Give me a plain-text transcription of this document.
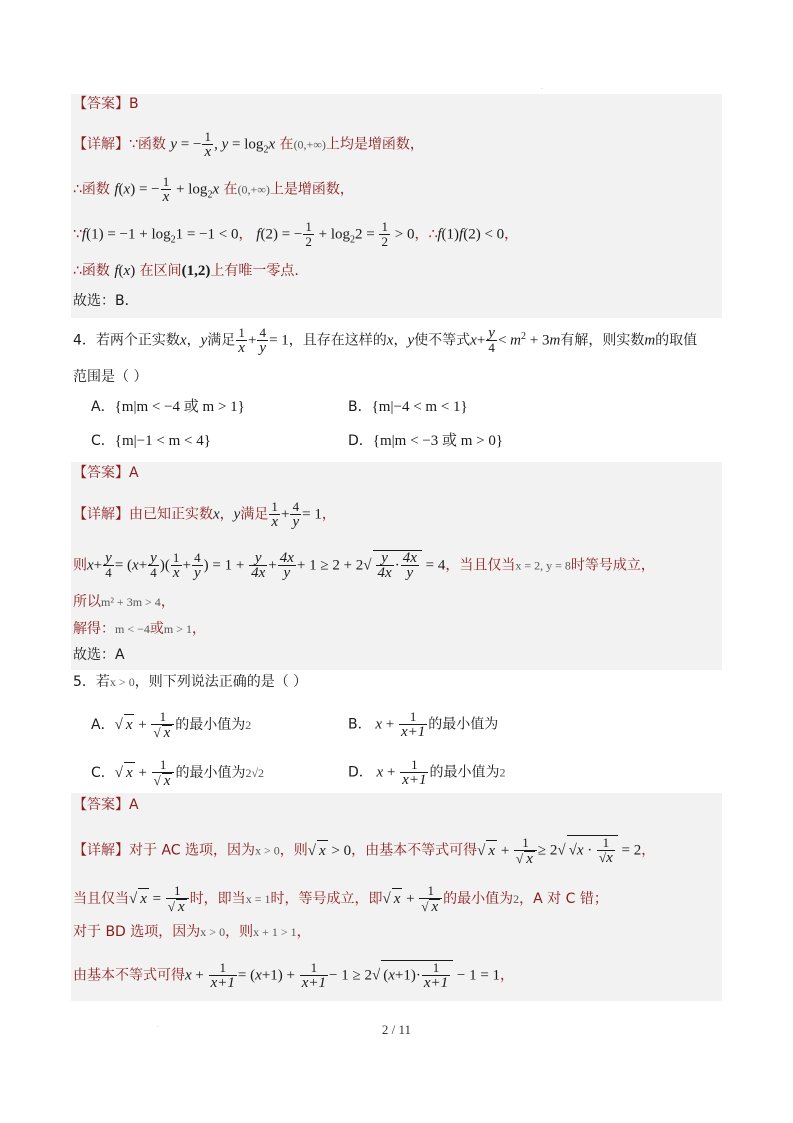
【答案】B
【详解】∵函数 y = − $\frac{1}{x}$ , $y = \log_2x$ 在(0,+∞)上均是增函数，
∴函数 f(x) = − $\frac{1}{x} + \log_2x$ 在(0,+∞)上是增函数，
∵f(1) = $-1 + \log_21 = -1 < 0$， f(2) = − $\frac{1}{2} + \log_22 = \frac{1}{2} > 0$，∴f(1)f(2) < 0，
∴函数 f(x) 在区间(1,2)上有唯一零点.
故选：B．
4．若两个正实数x，y满足 $\frac{1}{x} + \frac{4}{y} = 1$，且存在这样的x，y使不等式$x+ \frac{y}{4} < m^2 + 3m$有解，则实数m的取值
范围是（ ）
A．{m|m < −4 或 m > 1}	B．{m|−4 < m < 1}
C．{m|−1 < m < 4}	D．{m|m < −3 或 m > 0}
【答案】A
【详解】由已知正实数x，y满足 $\frac{1}{x} + \frac{4}{y} = 1$，
则$x+ \frac{y}{4} = (x+ \frac{y}{4}$ )( $\frac{1}{x} + \frac{4}{y}$ ) = $1 + \frac{y}{4x} + \frac{4x}{y} + 1 \ge 2 + 2√ \frac{y}{4x} \cdot \frac{4x}{y} = 4$，当且仅当x = 2, y = 8时等号成立，
所以m² + 3m > 4，
解得：m < −4或m > 1，
故选：A
5．若x > 0，则下列说法正确的是（ ）
A．√ $x + \frac{1}{√ x}$ 的最小值为2	B． $x + \frac{1}{x+1}$ 的最小值为
C．√ $x + \frac{1}{√ x}$ 的最小值为2√2	D． $x + \frac{1}{x+1}$ 的最小值为2
【答案】A
【详解】对于 AC 选项，因为x > 0，则√ x > 0，由基本不等式可得√ $x + \frac{1}{√ x} \ge 2√$ $√x \cdot \frac{1}{√x} = 2$，
当且仅当√ $x = \frac{1}{√ x}$ 时，即当x = 1时，等号成立，即√ $x + \frac{1}{√ x}$ 的最小值为2，A 对 C 错；
对于 BD 选项，因为x > 0，则x + 1 > 1，
由基本不等式可得$x + \frac{1}{x+1} = (x+1) + \frac{1}{x+1} - 1 \ge 2√$ $(x+1)\cdot \frac{1}{x+1} - 1 = 1$，
·
·	2 / 11
